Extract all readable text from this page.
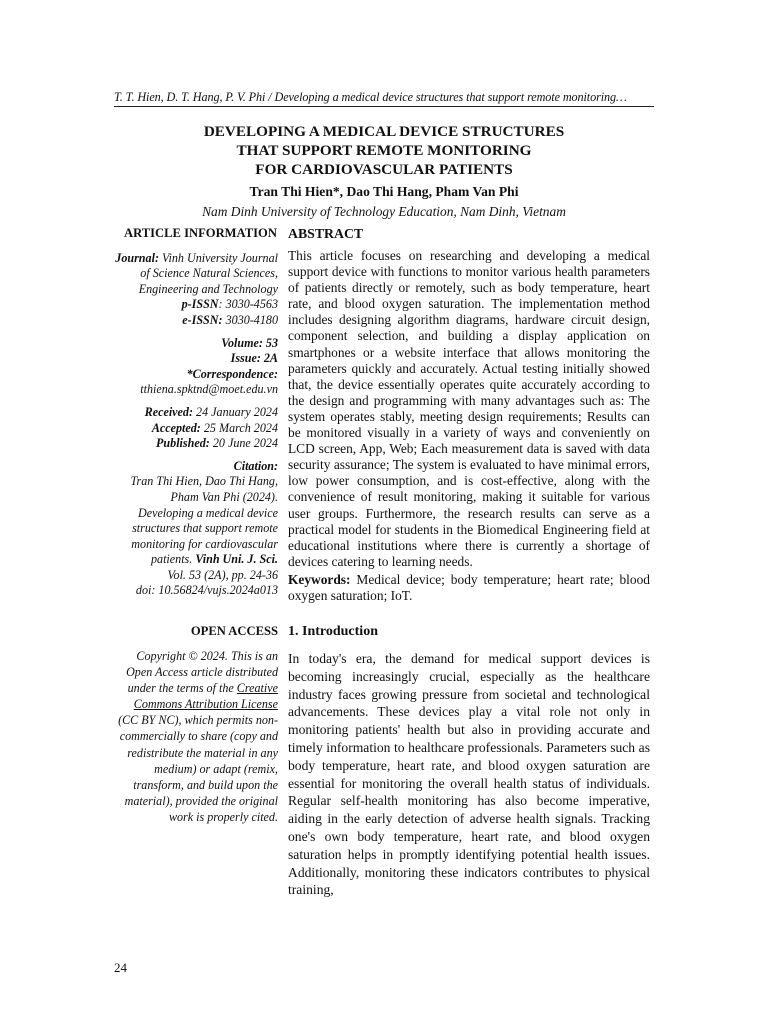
T. T. Hien, D. T. Hang, P. V. Phi / Developing a medical device structures that support remote monitoring…
DEVELOPING A MEDICAL DEVICE STRUCTURES
THAT SUPPORT REMOTE MONITORING
FOR CARDIOVASCULAR PATIENTS
Tran Thi Hien*, Dao Thi Hang, Pham Van Phi
Nam Dinh University of Technology Education, Nam Dinh, Vietnam
ARTICLE INFORMATION
Journal: Vinh University Journal of Science Natural Sciences, Engineering and Technology
p-ISSN: 3030-4563
e-ISSN: 3030-4180
Volume: 53
Issue: 2A
*Correspondence:
tthiena.spktnd@moet.edu.vn
Received: 24 January 2024
Accepted: 25 March 2024
Published: 20 June 2024
Citation:
Tran Thi Hien, Dao Thi Hang, Pham Van Phi (2024). Developing a medical device structures that support remote monitoring for cardiovascular patients. Vinh Uni. J. Sci.
Vol. 53 (2A), pp. 24-36
doi: 10.56824/vujs.2024a013
OPEN ACCESS
Copyright © 2024. This is an Open Access article distributed under the terms of the Creative Commons Attribution License (CC BY NC), which permits non-commercially to share (copy and redistribute the material in any medium) or adapt (remix, transform, and build upon the material), provided the original work is properly cited.
ABSTRACT

This article focuses on researching and developing a medical support device with functions to monitor various health parameters of patients directly or remotely, such as body temperature, heart rate, and blood oxygen saturation. The implementation method includes designing algorithm diagrams, hardware circuit design, component selection, and building a display application on smartphones or a website interface that allows monitoring the parameters quickly and accurately. Actual testing initially showed that, the device essentially operates quite accurately according to the design and programming with many advantages such as: The system operates stably, meeting design requirements; Results can be monitored visually in a variety of ways and conveniently on LCD screen, App, Web; Each measurement data is saved with data security assurance; The system is evaluated to have minimal errors, low power consumption, and is cost-effective, along with the convenience of result monitoring, making it suitable for various user groups. Furthermore, the research results can serve as a practical model for students in the Biomedical Engineering field at educational institutions where there is currently a shortage of devices catering to learning needs.

Keywords: Medical device; body temperature; heart rate; blood oxygen saturation; IoT.
1. Introduction

In today's era, the demand for medical support devices is becoming increasingly crucial, especially as the healthcare industry faces growing pressure from societal and technological advancements. These devices play a vital role not only in monitoring patients' health but also in providing accurate and timely information to healthcare professionals. Parameters such as body temperature, heart rate, and blood oxygen saturation are essential for monitoring the overall health status of individuals. Regular self-health monitoring has also become imperative, aiding in the early detection of adverse health signals. Tracking one's own body temperature, heart rate, and blood oxygen saturation helps in promptly identifying potential health issues. Additionally, monitoring these indicators contributes to physical training,

24
